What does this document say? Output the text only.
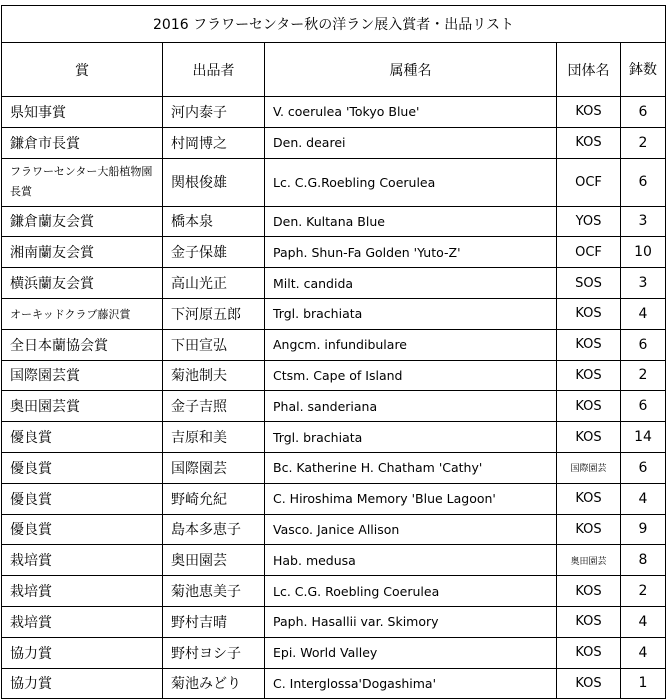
2016 フラワーセンター秋の洋ラン展入賞者・出品リスト				
賞	出品者	属種名	団体名	鉢数
県知事賞	河内泰子	V. coerulea 'Tokyo Blue'	KOS	6
鎌倉市長賞	村岡博之	Den. dearei	KOS	2
フラワーセンター大船植物園長賞	関根俊雄	Lc. C.G.Roebling Coerulea	OCF	6
鎌倉蘭友会賞	橋本泉	Den. Kultana Blue	YOS	3
湘南蘭友会賞	金子保雄	Paph. Shun-Fa Golden 'Yuto-Z'	OCF	10
横浜蘭友会賞	高山光正	Milt. candida	SOS	3
オーキッドクラブ藤沢賞	下河原五郎	Trgl. brachiata	KOS	4
全日本蘭協会賞	下田宣弘	Angcm. infundibulare	KOS	6
国際園芸賞	菊池制夫	Ctsm. Cape of Island	KOS	2
奥田園芸賞	金子吉照	Phal. sanderiana	KOS	6
優良賞	吉原和美	Trgl. brachiata	KOS	14
優良賞	国際園芸	Bc. Katherine H. Chatham 'Cathy'	国際園芸	6
優良賞	野崎允紀	C. Hiroshima Memory 'Blue Lagoon'	KOS	4
優良賞	島本多恵子	Vasco. Janice Allison	KOS	9
栽培賞	奥田園芸	Hab. medusa	奥田園芸	8
栽培賞	菊池恵美子	Lc. C.G. Roebling Coerulea	KOS	2
栽培賞	野村吉晴	Paph. Hasallii var. Skimory	KOS	4
協力賞	野村ヨシ子	Epi. World Valley	KOS	4
協力賞	菊池みどり	C. Interglossa'Dogashima'	KOS	1
